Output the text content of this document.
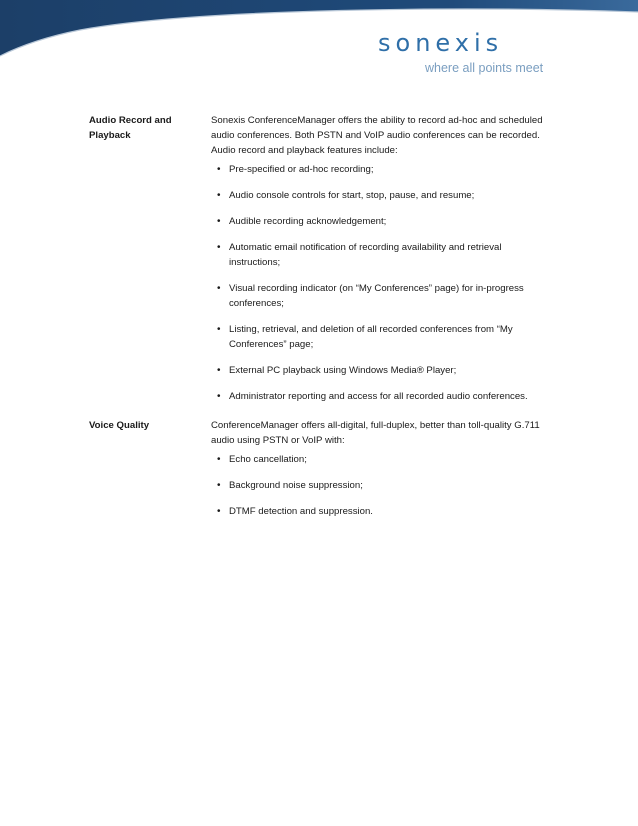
sonexis
where all points meet
Audio Record and Playback

Sonexis ConferenceManager offers the ability to record ad-hoc and scheduled audio conferences. Both PSTN and VoIP audio conferences can be recorded. Audio record and playback features include:

• Pre-specified or ad-hoc recording;
• Audio console controls for start, stop, pause, and resume;
• Audible recording acknowledgement;
• Automatic email notification of recording availability and retrieval instructions;
• Visual recording indicator (on “My Conferences” page) for in-progress conferences;
• Listing, retrieval, and deletion of all recorded conferences from “My Conferences” page;
• External PC playback using Windows Media® Player;
• Administrator reporting and access for all recorded audio conferences.
Voice Quality	ConferenceManager offers all-digital, full-duplex, better than toll-quality G.711 audio using PSTN or VoIP with:

• Echo cancellation;
• Background noise suppression;
• DTMF detection and suppression.
